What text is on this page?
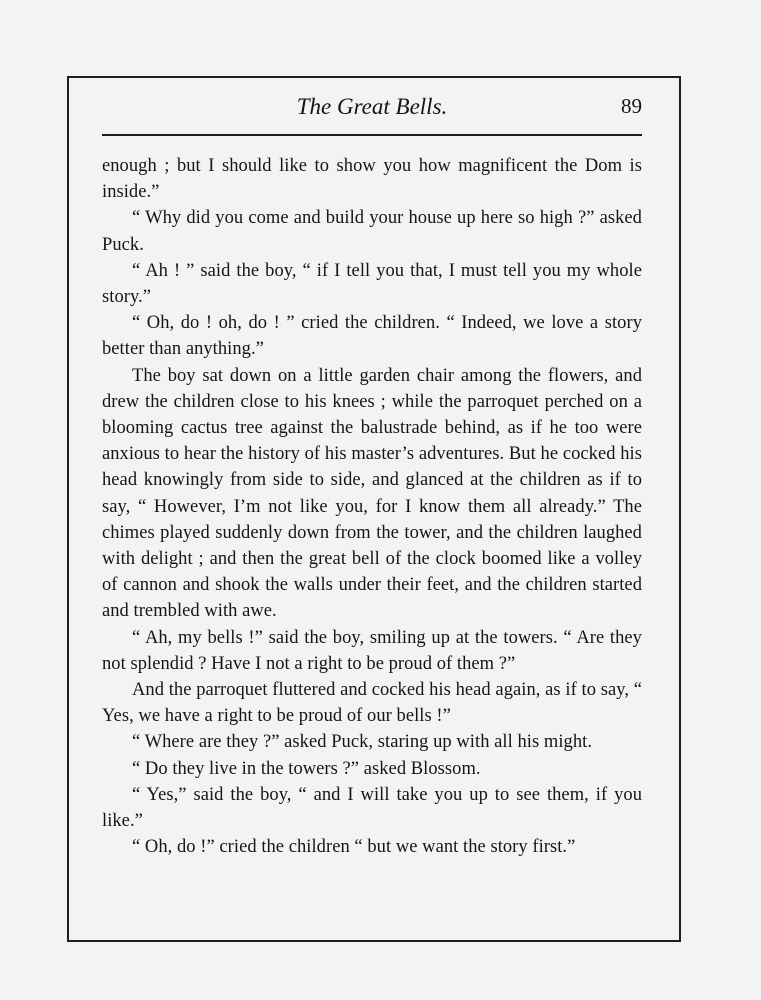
The Great Bells.	89

enough ; but I should like to show you how magnificent the Dom is inside.”

“ Why did you come and build your house up here so high ?” asked Puck.

“ Ah ! ” said the boy, “ if I tell you that, I must tell you my whole story.”

“ Oh, do ! oh, do ! ” cried the children. “ Indeed, we love a story better than anything.”

The boy sat down on a little garden chair among the flowers, and drew the children close to his knees ; while the parroquet perched on a blooming cactus tree against the balustrade behind, as if he too were anxious to hear the history of his master’s adventures. But he cocked his head knowingly from side to side, and glanced at the children as if to say, “ However, I’m not like you, for I know them all already.” The chimes played suddenly down from the tower, and the children laughed with delight ; and then the great bell of the clock boomed like a volley of cannon and shook the walls under their feet, and the children started and trembled with awe.

“ Ah, my bells !” said the boy, smiling up at the towers. “ Are they not splendid ? Have I not a right to be proud of them ?”

And the parroquet fluttered and cocked his head again, as if to say, “ Yes, we have a right to be proud of our bells !”

“ Where are they ?” asked Puck, staring up with all his might.

“ Do they live in the towers ?” asked Blossom.

“ Yes,” said the boy, “ and I will take you up to see them, if you like.”

“ Oh, do !” cried the children “ but we want the story first.”
